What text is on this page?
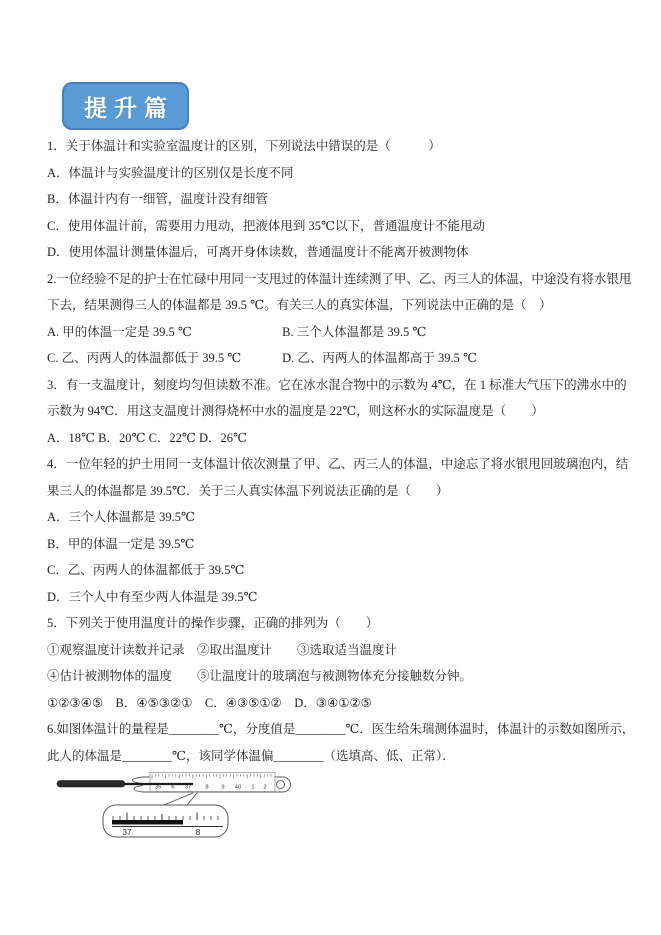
提升篇
1．关于体温计和实验室温度计的区别，下列说法中错误的是（　　　）
A．体温计与实验温度计的区别仅是长度不同
B．体温计内有一细管，温度计没有细管
C．使用体温计前，需要用力甩动，把液体甩到 35℃以下，普通温度计不能甩动
D．使用体温计测量体温后，可离开身体读数，普通温度计不能离开被测物体
2.一位经验不足的护士在忙碌中用同一支甩过的体温计连续测了甲、乙、丙三人的体温，中途没有将水银甩
下去，结果测得三人的体温都是 39.5 ℃。有关三人的真实体温，下列说法中正确的是（　）
A. 甲的体温一定是 39.5 ℃	B. 三个人体温都是 39.5 ℃
C. 乙、丙两人的体温都低于 39.5 ℃	D. 乙、丙两人的体温都高于 39.5 ℃
3．有一支温度计，刻度均匀但读数不准。它在冰水混合物中的示数为 4℃，在 1 标准大气压下的沸水中的
示数为 94℃．用这支温度计测得烧杯中水的温度是 22℃，则这杯水的实际温度是（　　）
A．18℃ B．20℃ C．22℃ D．26℃
4．一位年轻的护士用同一支体温计依次测量了甲、乙、丙三人的体温，中途忘了将水银甩回玻璃泡内，结
果三人的体温都是 39.5℃．关于三人真实体温下列说法正确的是（　　）
A．三个人体温都是 39.5℃
B．甲的体温一定是 39.5℃
C．乙、丙两人的体温都低于 39.5℃
D．三个人中有至少两人体温是 39.5℃
5．下列关于使用温度计的操作步骤，正确的排列为（　　）
①观察温度计读数并记录　②取出温度计　　③选取适当温度计
④估计被测物体的温度　　⑤让温度计的玻璃泡与被测物体充分接触数分钟。
①②③④⑤　B．④⑤③②①　C．④③⑤①②　D．③④①②⑤
6.如图体温计的量程是________℃，分度值是________℃．医生给朱瑞测体温时，体温计的示数如图所示，
此人的体温是________℃，该同学体温偏________（选填高、低、正常）．
35 6 37 8 9 40 1 2
37	8
